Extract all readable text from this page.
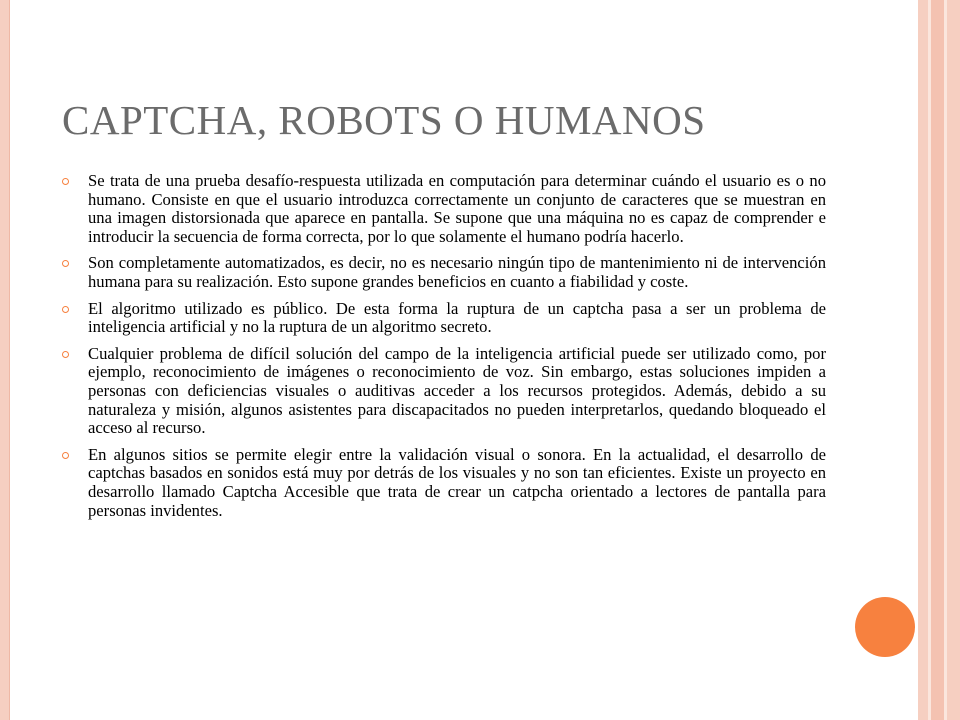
CAPTCHA, ROBOTS O HUMANOS
Se trata de una prueba desafío-respuesta utilizada en computación para determinar cuándo el usuario es o no humano. Consiste en que el usuario introduzca correctamente un conjunto de caracteres que se muestran en una imagen distorsionada que aparece en pantalla. Se supone que una máquina no es capaz de comprender e introducir la secuencia de forma correcta, por lo que solamente el humano podría hacerlo.
Son completamente automatizados, es decir, no es necesario ningún tipo de mantenimiento ni de intervención humana para su realización. Esto supone grandes beneficios en cuanto a fiabilidad y coste.
El algoritmo utilizado es público. De esta forma la ruptura de un captcha pasa a ser un problema de inteligencia artificial y no la ruptura de un algoritmo secreto.
Cualquier problema de difícil solución del campo de la inteligencia artificial puede ser utilizado como, por ejemplo, reconocimiento de imágenes o reconocimiento de voz. Sin embargo, estas soluciones impiden a personas con deficiencias visuales o auditivas acceder a los recursos protegidos. Además, debido a su naturaleza y misión, algunos asistentes para discapacitados no pueden interpretarlos, quedando bloqueado el acceso al recurso.
En algunos sitios se permite elegir entre la validación visual o sonora. En la actualidad, el desarrollo de captchas basados en sonidos está muy por detrás de los visuales y no son tan eficientes. Existe un proyecto en desarrollo llamado Captcha Accesible que trata de crear un catpcha orientado a lectores de pantalla para personas invidentes.
